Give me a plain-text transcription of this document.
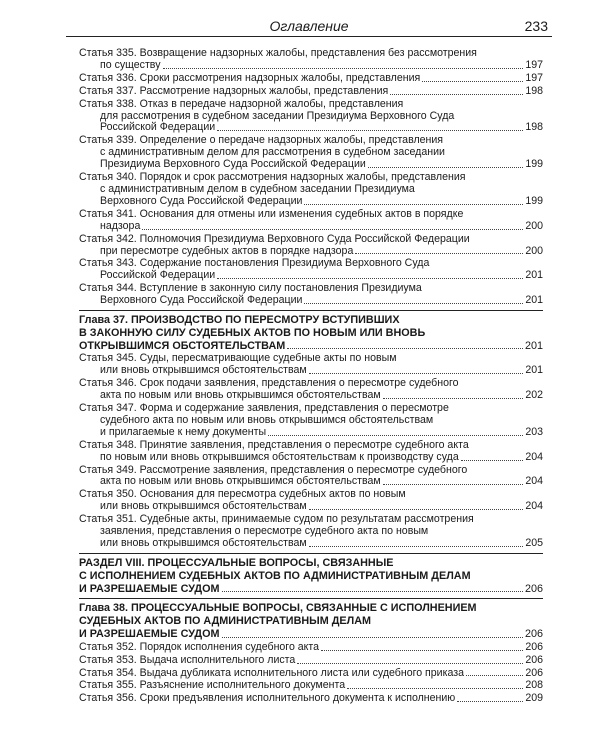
Оглавление	233
Статья 335. Возвращение надзорных жалобы, представления без рассмотрения
по существу	197
Статья 336. Сроки рассмотрения надзорных жалобы, представления	197
Статья 337. Рассмотрение надзорных жалобы, представления	198
Статья 338. Отказ в передаче надзорной жалобы, представления
для рассмотрения в судебном заседании Президиума Верховного Суда
Российской Федерации	198
Статья 339. Определение о передаче надзорных жалобы, представления
с административным делом для рассмотрения в судебном заседании
Президиума Верховного Суда Российской Федерации	199
Статья 340. Порядок и срок рассмотрения надзорных жалобы, представления
с административным делом в судебном заседании Президиума
Верховного Суда Российской Федерации	199
Статья 341. Основания для отмены или изменения судебных актов в порядке
надзора	200
Статья 342. Полномочия Президиума Верховного Суда Российской Федерации
при пересмотре судебных актов в порядке надзора	200
Статья 343. Содержание постановления Президиума Верховного Суда
Российской Федерации	201
Статья 344. Вступление в законную силу постановления Президиума
Верховного Суда Российской Федерации	201
Глава 37. ПРОИЗВОДСТВО ПО ПЕРЕСМОТРУ ВСТУПИВШИХ
В ЗАКОННУЮ СИЛУ СУДЕБНЫХ АКТОВ ПО НОВЫМ ИЛИ ВНОВЬ
ОТКРЫВШИМСЯ ОБСТОЯТЕЛЬСТВАМ	201
Статья 345. Суды, пересматривающие судебные акты по новым
или вновь открывшимся обстоятельствам	201
Статья 346. Срок подачи заявления, представления о пересмотре судебного
акта по новым или вновь открывшимся обстоятельствам	202
Статья 347. Форма и содержание заявления, представления о пересмотре
судебного акта по новым или вновь открывшимся обстоятельствам
и прилагаемые к нему документы	203
Статья 348. Принятие заявления, представления о пересмотре судебного акта
по новым или вновь открывшимся обстоятельствам к производству суда	204
Статья 349. Рассмотрение заявления, представления о пересмотре судебного
акта по новым или вновь открывшимся обстоятельствам	204
Статья 350. Основания для пересмотра судебных актов по новым
или вновь открывшимся обстоятельствам	204
Статья 351. Судебные акты, принимаемые судом по результатам рассмотрения
заявления, представления о пересмотре судебного акта по новым
или вновь открывшимся обстоятельствам	205
РАЗДЕЛ VIII. ПРОЦЕССУАЛЬНЫЕ ВОПРОСЫ, СВЯЗАННЫЕ
С ИСПОЛНЕНИЕМ СУДЕБНЫХ АКТОВ ПО АДМИНИСТРАТИВНЫМ ДЕЛАМ
И РАЗРЕШАЕМЫЕ СУДОМ	206
Глава 38. ПРОЦЕССУАЛЬНЫЕ ВОПРОСЫ, СВЯЗАННЫЕ С ИСПОЛНЕНИЕМ
СУДЕБНЫХ АКТОВ ПО АДМИНИСТРАТИВНЫМ ДЕЛАМ
И РАЗРЕШАЕМЫЕ СУДОМ	206
Статья 352. Порядок исполнения судебного акта	206
Статья 353. Выдача исполнительного листа	206
Статья 354. Выдача дубликата исполнительного листа или судебного приказа	206
Статья 355. Разъяснение исполнительного документа	208
Статья 356. Сроки предъявления исполнительного документа к исполнению	209
